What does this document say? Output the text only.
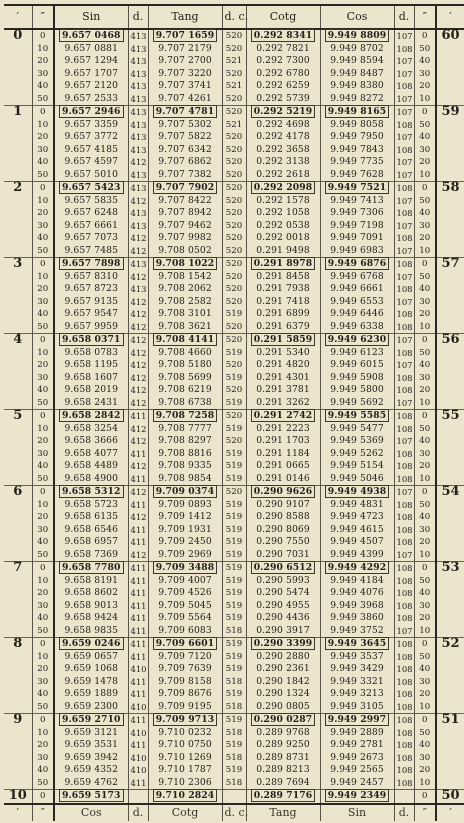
′	″	Sin	d.	Tang	d. c.	Cotg	Cos	d.	″	′
0	0	9.657 0468	413	9.707 1659	520	0.292 8341	9.949 8809	107	0	60
	10	9.657 0881	413	9.707 2179	520	0.292 7821	9.949 8702	108	50	
	20	9.657 1294	413	9.707 2700	521	0.292 7300	9.949 8594	107	40	
	30	9.657 1707	413	9.707 3220	520	0.292 6780	9.949 8487	107	30	
	40	9.657 2120	413	9.707 3741	521	0.292 6259	9.949 8380	108	20	
	50	9.657 2533	413	9.707 4261	520	0.292 5739	9.949 8272	107	10	
1	0	9.657 2946	413	9.707 4781	520	0.292 5219	9.949 8165	107	0	59
	10	9.657 3359	413	9.707 5302	521	0.292 4698	9.949 8058	108	50	
	20	9.657 3772	413	9.707 5822	520	0.292 4178	9.949 7950	107	40	
	30	9.657 4185	413	9.707 6342	520	0.292 3658	9.949 7843	108	30	
	40	9.657 4597	412	9.707 6862	520	0.292 3138	9.949 7735	107	20	
	50	9.657 5010	413	9.707 7382	520	0.292 2618	9.949 7628	107	10	
2	0	9.657 5423	413	9.707 7902	520	0.292 2098	9.949 7521	108	0	58
	10	9.657 5835	412	9.707 8422	520	0.292 1578	9.949 7413	107	50	
	20	9.657 6248	413	9.707 8942	520	0.292 1058	9.949 7306	108	40	
	30	9.657 6661	413	9.707 9462	520	0.292 0538	9.949 7198	107	30	
	40	9.657 7073	412	9.707 9982	520	0.292 0018	9.949 7091	108	20	
	50	9.657 7485	412	9.708 0502	520	0.291 9498	9.949 6983	107	10	
3	0	9.657 7898	413	9.708 1022	520	0.291 8978	9.949 6876	108	0	57
	10	9.657 8310	412	9.708 1542	520	0.291 8458	9.949 6768	107	50	
	20	9.657 8723	413	9.708 2062	520	0.291 7938	9.949 6661	108	40	
	30	9.657 9135	412	9.708 2582	520	0.291 7418	9.949 6553	107	30	
	40	9.657 9547	412	9.708 3101	519	0.291 6899	9.949 6446	108	20	
	50	9.657 9959	412	9.708 3621	520	0.291 6379	9.949 6338	108	10	
4	0	9.658 0371	412	9.708 4141	520	0.291 5859	9.949 6230	107	0	56
	10	9.658 0783	412	9.708 4660	519	0.291 5340	9.949 6123	108	50	
	20	9.658 1195	412	9.708 5180	520	0.291 4820	9.949 6015	107	40	
	30	9.658 1607	412	9.708 5699	519	0.291 4301	9.949 5908	108	30	
	40	9.658 2019	412	9.708 6219	520	0.291 3781	9.949 5800	108	20	
	50	9.658 2431	412	9.708 6738	519	0.291 3262	9.949 5692	107	10	
5	0	9.658 2842	411	9.708 7258	520	0.291 2742	9.949 5585	108	0	55
	10	9.658 3254	412	9.708 7777	519	0.291 2223	9.949 5477	108	50	
	20	9.658 3666	412	9.708 8297	520	0.291 1703	9.949 5369	107	40	
	30	9.658 4077	411	9.708 8816	519	0.291 1184	9.949 5262	108	30	
	40	9.658 4489	412	9.708 9335	519	0.291 0665	9.949 5154	108	20	
	50	9.658 4900	411	9.708 9854	519	0.291 0146	9.949 5046	108	10	
6	0	9.658 5312	412	9.709 0374	520	0.290 9626	9.949 4938	107	0	54
	10	9.658 5723	411	9.709 0893	519	0.290 9107	9.949 4831	108	50	
	20	9.658 6135	412	9.709 1412	519	0.290 8588	9.949 4723	108	40	
	30	9.658 6546	411	9.709 1931	519	0.290 8069	9.949 4615	108	30	
	40	9.658 6957	411	9.709 2450	519	0.290 7550	9.949 4507	108	20	
	50	9.658 7369	412	9.709 2969	519	0.290 7031	9.949 4399	107	10	
7	0	9.658 7780	411	9.709 3488	519	0.290 6512	9.949 4292	108	0	53
	10	9.658 8191	411	9.709 4007	519	0.290 5993	9.949 4184	108	50	
	20	9.658 8602	411	9.709 4526	519	0.290 5474	9.949 4076	108	40	
	30	9.658 9013	411	9.709 5045	519	0.290 4955	9.949 3968	108	30	
	40	9.658 9424	411	9.709 5564	519	0.290 4436	9.949 3860	108	20	
	50	9.658 9835	411	9.709 6083	518	0.290 3917	9.949 3752	107	10	
8	0	9.659 0246	411	9.709 6601	519	0.290 3399	9.949 3645	108	0	52
	10	9.659 0657	411	9.709 7120	519	0.290 2880	9.949 3537	108	50	
	20	9.659 1068	410	9.709 7639	519	0.290 2361	9.949 3429	108	40	
	30	9.659 1478	411	9.709 8158	518	0.290 1842	9.949 3321	108	30	
	40	9.659 1889	411	9.709 8676	519	0.290 1324	9.949 3213	108	20	
	50	9.659 2300	410	9.709 9195	518	0.290 0805	9.949 3105	108	10	
9	0	9.659 2710	411	9.709 9713	519	0.290 0287	9.949 2997	108	0	51
	10	9.659 3121	410	9.710 0232	518	0.289 9768	9.949 2889	108	50	
	20	9.659 3531	411	9.710 0750	519	0.289 9250	9.949 2781	108	40	
	30	9.659 3942	410	9.710 1269	518	0.289 8731	9.949 2673	108	30	
	40	9.659 4352	410	9.710 1787	519	0.289 8213	9.949 2565	108	20	
	50	9.659 4762	411	9.710 2306	518	0.289 7694	9.949 2457	108	10	
10	0	9.659 5173		9.710 2824		0.289 7176	9.949 2349		0	50
′	″	Cos	d.	Cotg	d. c.	Tang	Sin	d.	″	′
